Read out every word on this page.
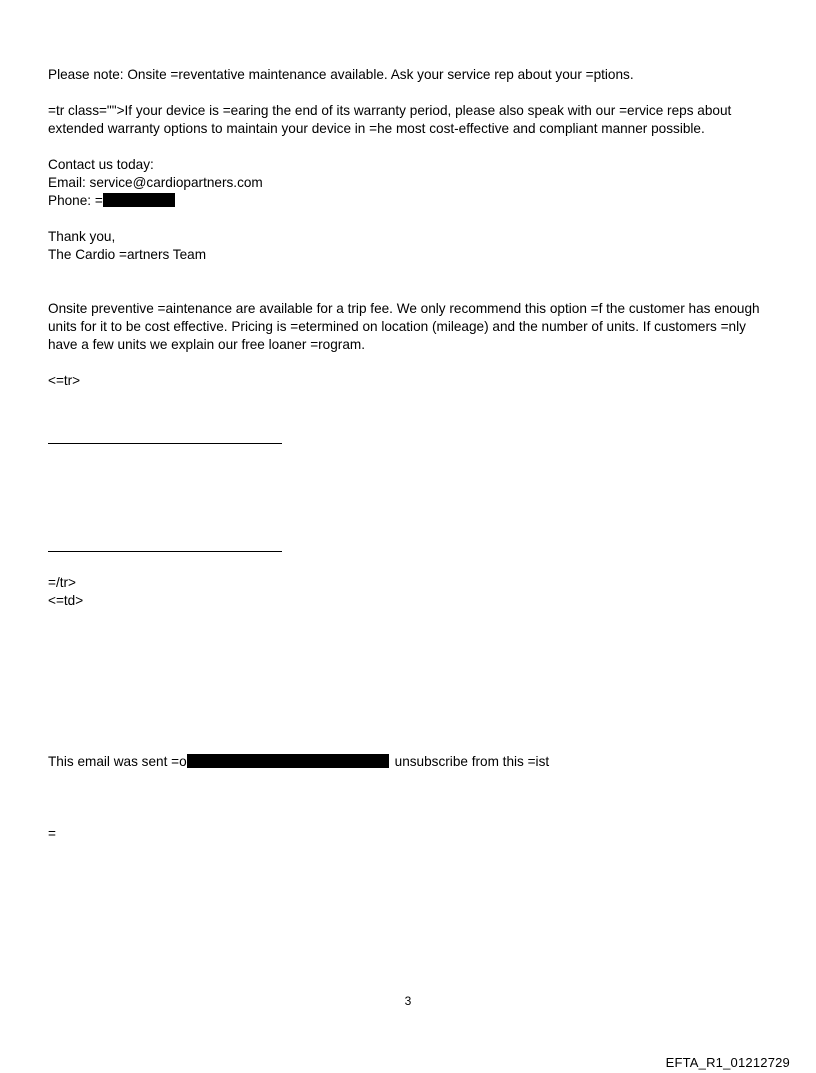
Please note: Onsite =reventative maintenance available. Ask your service rep about your =ptions.

=tr class="">If your device is =earing the end of its warranty period, please also speak with our =ervice reps about

extended warranty options to maintain your device in =he most cost-effective and compliant manner possible.

Contact us today:

Email: service@cardiopartners.com

Phone: =

Thank you,

The Cardio =artners Team

Onsite preventive =aintenance are available for a trip fee. We only recommend this option =f the customer has enough

units for it to be cost effective. Pricing is =etermined on location (mileage) and the number of units. If customers =nly

have a few units we explain our free loaner =rogram.

<=tr>

=/tr>

<=td>

This email was sent =o	unsubscribe from this =ist

=

3
EFTA_R1_01212729
